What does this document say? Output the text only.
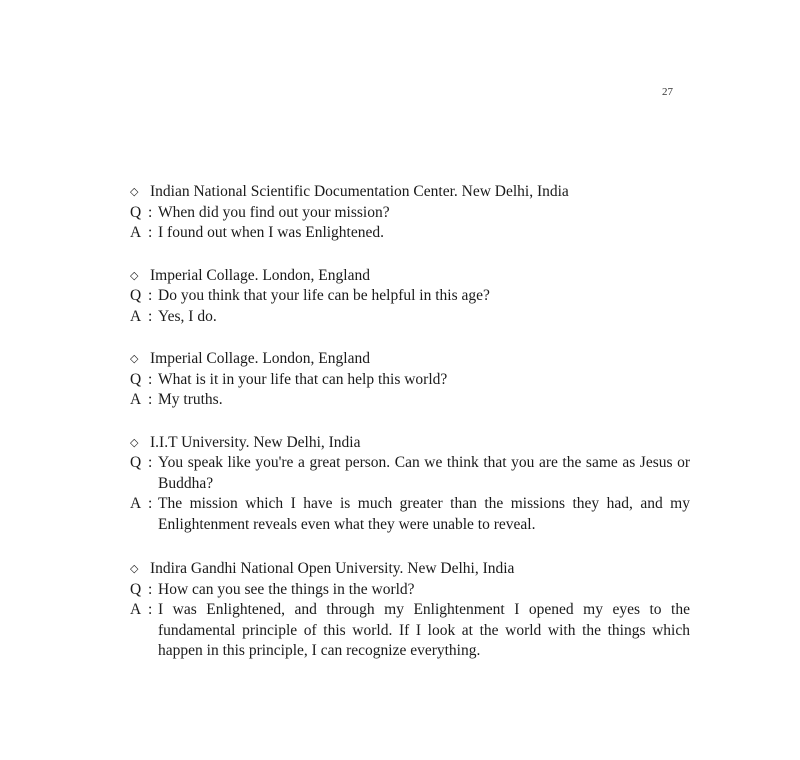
27
◇ Indian National Scientific Documentation Center. New Delhi, India
Q : When did you find out your mission?
A : I found out when I was Enlightened.
◇ Imperial Collage. London, England
Q : Do you think that your life can be helpful in this age?
A : Yes, I do.
◇ Imperial Collage. London, England
Q : What is it in your life that can help this world?
A : My truths.
◇ I.I.T University. New Delhi, India
Q : You speak like you're a great person. Can we think that you are the same as Jesus or Buddha?
A : The mission which I have is much greater than the missions they had, and my Enlightenment reveals even what they were unable to reveal.
◇ Indira Gandhi National Open University. New Delhi, India
Q : How can you see the things in the world?
A : I was Enlightened, and through my Enlightenment I opened my eyes to the fundamental principle of this world. If I look at the world with the things which happen in this principle, I can recognize everything.
